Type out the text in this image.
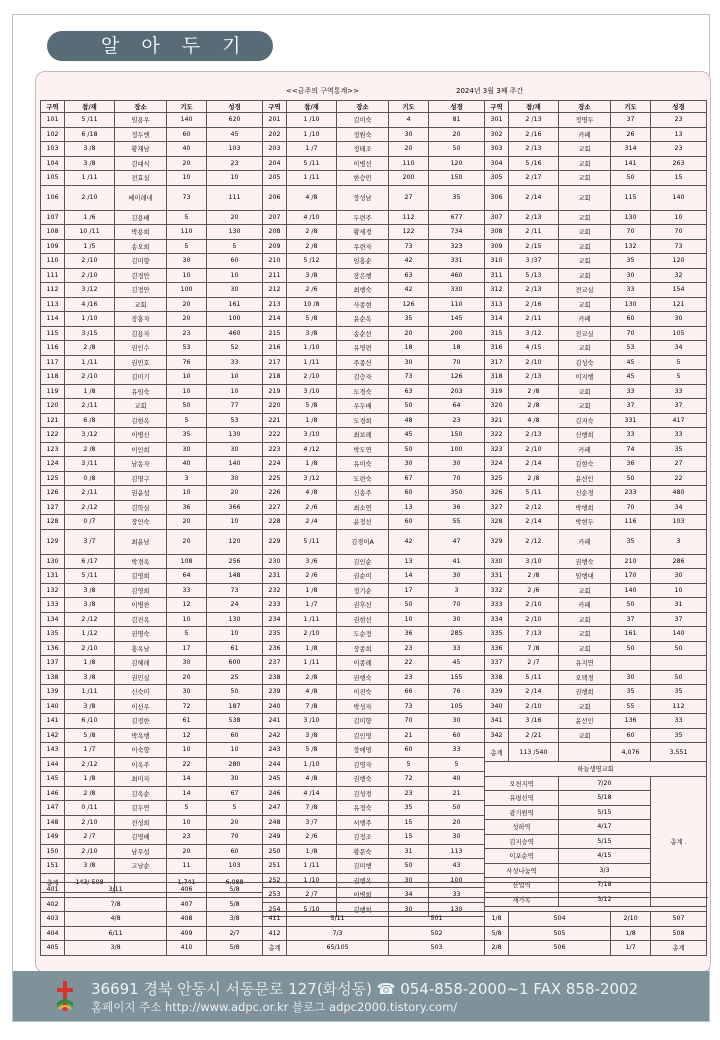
알 아 두 기
<<금주의 구역통계>>	2024년 3월 3째 주간
구역	참/재	장소	기도	성경
101	5 /11	임용우	140	620
102	6 /18	정두엔	60	45
103	3 /8	황재남	40	103
104	3 /8	김대식	20	23
105	1 /11	전효실	10	10
106	2 /10	베이레네	73	111
107	1 /6	김용배	5	20
108	10 /11	박용희	110	130
109	1 /5	송오희	5	5
110	2 /10	김미향	30	60
111	2 /10	김정안	10	10
112	3 /12	김정안	100	30
113	4 /16	교회	20	161
114	1 /10	장홍자	20	100
115	3 /15	김용자	23	460
116	2 /8	권인수	53	52
117	1 /11	권민호	76	33
118	2 /10	김미기	10	10
119	1 /8	유임숙	10	10
120	2 /11	교회	50	77
121	6 /8	김현옥	5	53
122	3 /12	이병신	35	130
123	2 /8	이인희	30	30
124	3 /11	남동자	40	140
125	0 /8	김명구	3	30
126	2 /11	권윤섭	10	20
127	2 /12	김학실	36	366
128	0 /7	장인숙	20	10
129	3 /7	최윤남	20	120
130	6 /17	박경옥	108	256
131	5 /11	김영희	64	148
132	3 /8	김영희	33	73
133	3 /8	이병찬	12	24
134	2 /12	김진옥	10	130
135	1 /12	권명숙	5	10
136	2 /10	홍옥남	17	61
137	1 /8	김혜래	30	600
138	3 /8	권민실	20	25
139	1 /11	신숙미	30	50
140	3 /8	이선우	72	187
141	6 /10	김정한	61	538
142	5 /8	박옥행	12	60
143	1 /7	이숙향	10	10
144	2 /12	이옥주	22	280
145	1 /8	최미자	14	30
146	2 /8	김옥순	14	67
147	0 /11	김두연	5	5
148	2 /10	전성희	10	20
149	2 /7	김영배	23	70
150	2 /10	남무섭	20	60
151	3 /8	고남순	11	103
총계	143/ 508		1,741	6,088
구역	참/재	장소	기도	성경
201	1 /10	김미숙	4	81
202	1 /10	정원숙	30	20
203	1 /7	정태조	20	50
204	5 /11	이병선	110	120
205	1 /11	한승민	200	150
206	4 /8	장성남	27	35
207	4 /10	두련주	112	677
208	2 /8	황세경	122	734
209	2 /8	우련자	73	323
210	5 /12	임홍순	42	331
211	3 /8	장은행	63	460
212	2 /6	최행숙	42	330
213	10 /8	사종현	126	110
214	5 /8	윤순옥	35	145
215	3 /8	송순선	20	200
216	1 /10	유영련	18	18
217	1 /11	주종선	30	70
218	2 /10	김승자	73	126
219	3 /10	도경숙	63	203
220	5 /8	우두배	50	64
221	1 /8	도경희	48	23
222	3 /10	최보례	45	150
223	4 /12	박도연	50	100
224	1 /8	유미숙	30	30
225	3 /12	도련숙	67	70
226	4 /8	신송주	60	350
227	2 /6	최소연	13	36
228	2 /4	윤정선	60	55
229	5 /11	김경미A	42	47
230	3 /6	김인순	13	41
231	2 /6	권순미	14	30
232	1 /8	정기순	17	3
233	1 /7	권후선	50	70
234	1 /11	권현선	10	30
235	2 /10	도순정	36	285
236	1 /8	장종희	23	33
237	1 /11	이종례	22	45
238	2 /8	권행숙	23	155
239	4 /8	이진숙	66	76
240	7 /8	박성자	73	105
241	3 /10	김미향	70	30
242	3 /8	김인영	21	60
243	5 /8	장애영	60	33
244	1 /10	김영자	5	5
245	4 /8	권행숙	72	40
246	4 /14	김성경	23	21
247	7 /8	유정숙	35	50
248	3 /7	서행주	15	20
249	2 /6	김정조	15	30
250	1 /8	황문숙	31	113
251	1 /11	김미행	50	43
252	1 /10	권행옥	30	100
253	2 /7	이병희	34	33
254	5 /10	김행희	30	130
구역	참/재	장소	기도	성경
301	2 /13	정명두	37	23
302	2 /16	카페	26	13
303	2 /13	교회	314	23
304	5 /16	교회	141	263
305	2 /17	교회	50	15
306	2 /14	교회	115	140
307	2 /13	교회	130	10
308	2 /11	교회	70	70
309	2 /15	교회	132	73
310	3 /37	교회	35	120
311	5 /13	교회	30	32
312	2 /13	전교실	33	154
313	2 /16	교회	130	121
314	2 /11	카페	60	30
315	3 /12	전교실	70	105
316	4 /15	교회	53	34
317	2 /10	김성숙	45	5
318	2 /13	이지행	45	5
319	2 /8	교회	33	33
320	2 /8	교회	37	37
321	4 /8	김지숙	331	417
322	2 /13	신행희	33	33
323	2 /10	카페	74	35
324	2 /14	김현숙	36	27
325	2 /8	윤선인	50	22
326	5 /11	신순경	233	480
327	2 /12	박행희	70	34
328	2 /14	박현두	116	103
329	2 /12	카페	35	3
330	3 /10	권행숙	210	286
331	2 /8	임행대	170	30
332	2 /6	교회	140	10
333	2 /10	카페	50	31
334	2 /10	교회	37	37
335	7 /13	교회	161	140
336	7 /8	교회	50	50
337	2 /7	유지연		
338	5 /11	오택경	30	50
339	2 /14	권행희	35	35
340	2 /10	교회	55	112
341	3 /16	윤선인	136	33
342	2 /21	교회	60	35
총계	113 /540		4,076	3,551
하늘생명교회				
오천지역		7/20		총계 .
유평선역		5/18		
광기원역		5/15		
성하역		4/17		
김지숭역		5/15		
이포순역		4/15		
사성나눔역		3/3		
산업역		7/18		
재가족		3/12		
401	3/11	406	5/8								
402	7/8	407	5/8								
403	4/8	408	3/8	411	5/11	501	1/8	504	2/10	507	
404	6/11	409	2/7	412	7/3	502	5/8	505	1/8	508	
405	3/8	410	5/8	총계	65/105	503	2/8	506	1/7	총계	
36691 경북 안동시 서동문로 127(화성동) ☎ 054-858-2000~1 FAX 858-2002
홈페이지 주소 http://www.adpc.or.kr 블로그 adpc2000.tistory.com/
